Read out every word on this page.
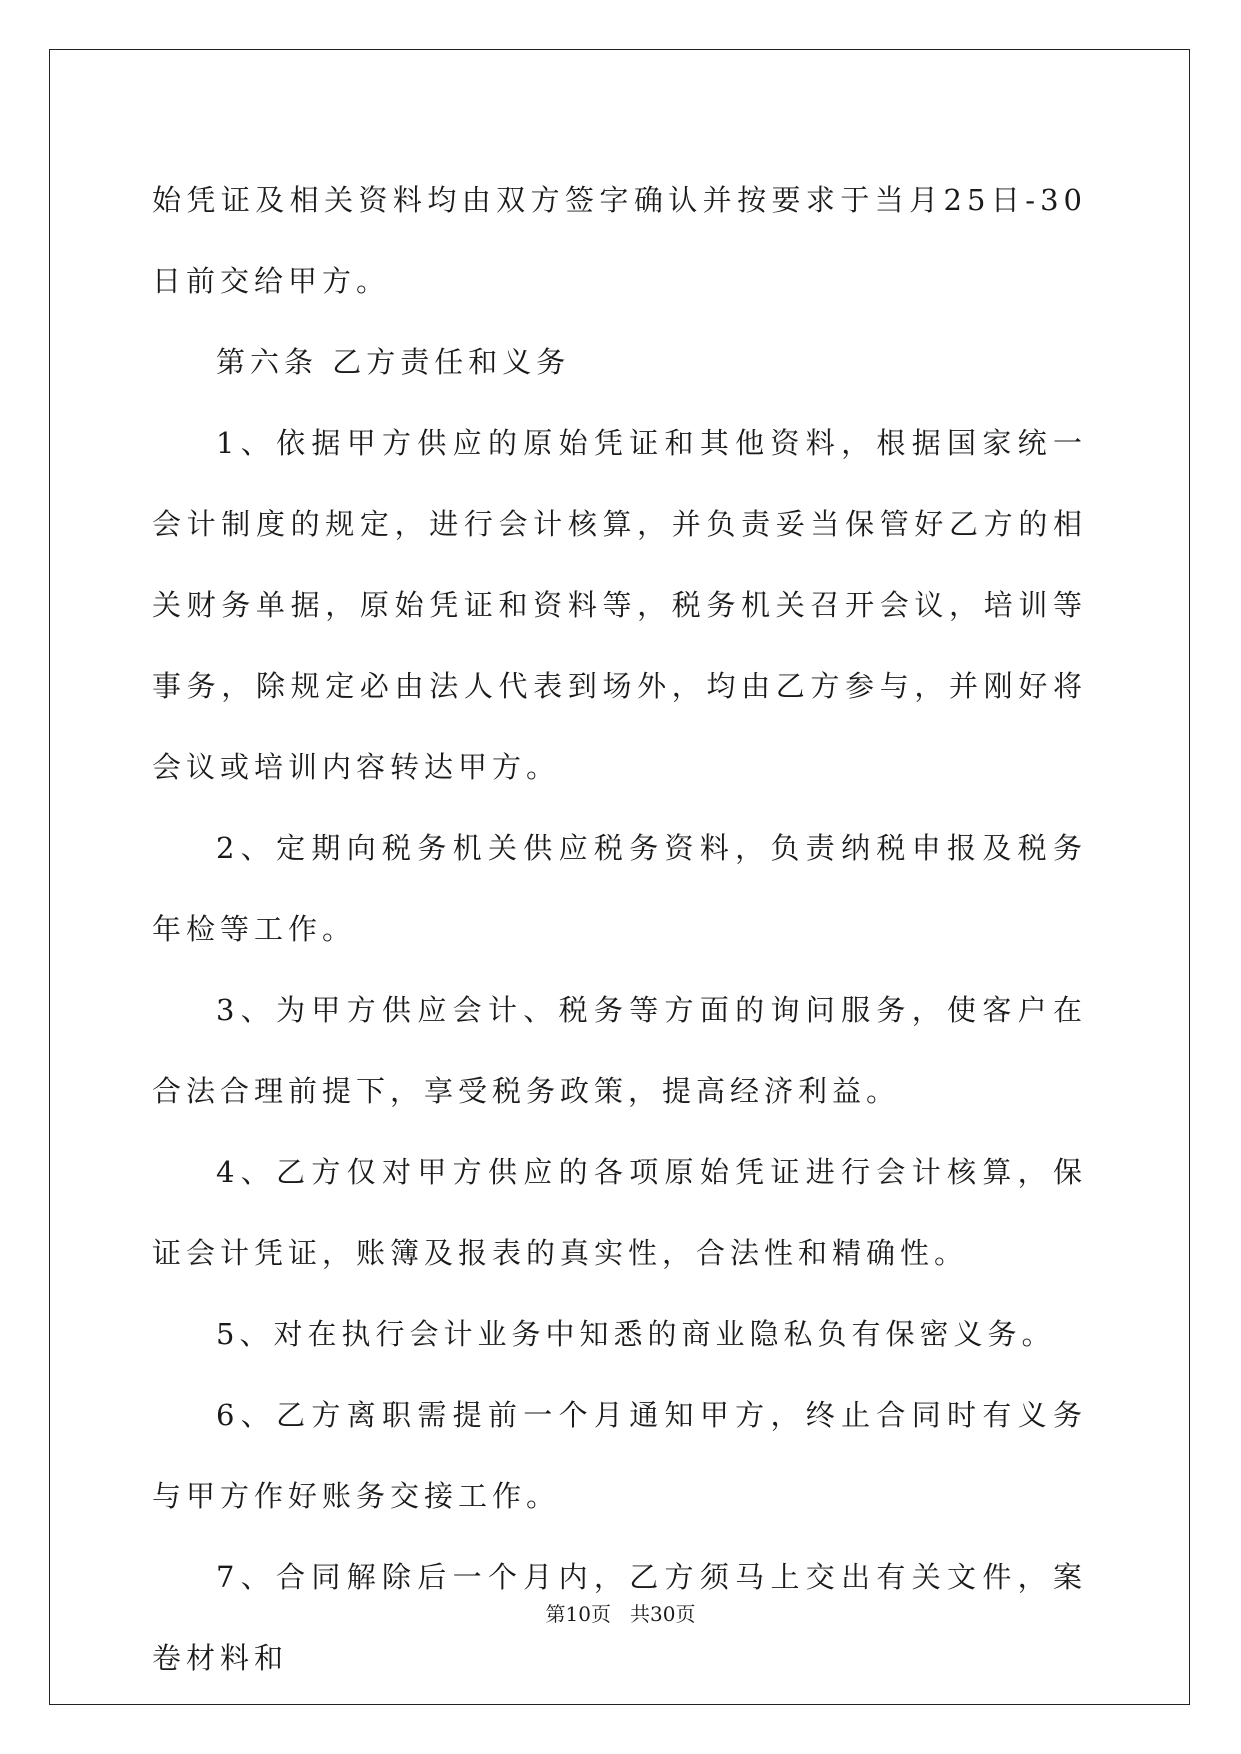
始凭证及相关资料均由双方签字确认并按要求于当月25日-30日前交给甲方。

第六条 乙方责任和义务

1、依据甲方供应的原始凭证和其他资料，根据国家统一会计制度的规定，进行会计核算，并负责妥当保管好乙方的相关财务单据，原始凭证和资料等，税务机关召开会议，培训等事务，除规定必由法人代表到场外，均由乙方参与，并刚好将会议或培训内容转达甲方。

2、定期向税务机关供应税务资料，负责纳税申报及税务年检等工作。

3、为甲方供应会计、税务等方面的询问服务，使客户在合法合理前提下，享受税务政策，提高经济利益。

4、乙方仅对甲方供应的各项原始凭证进行会计核算，保证会计凭证，账簿及报表的真实性，合法性和精确性。

5、对在执行会计业务中知悉的商业隐私负有保密义务。

6、乙方离职需提前一个月通知甲方，终止合同时有义务与甲方作好账务交接工作。

7、合同解除后一个月内，乙方须马上交出有关文件，案卷材料和

第10页 共30页
